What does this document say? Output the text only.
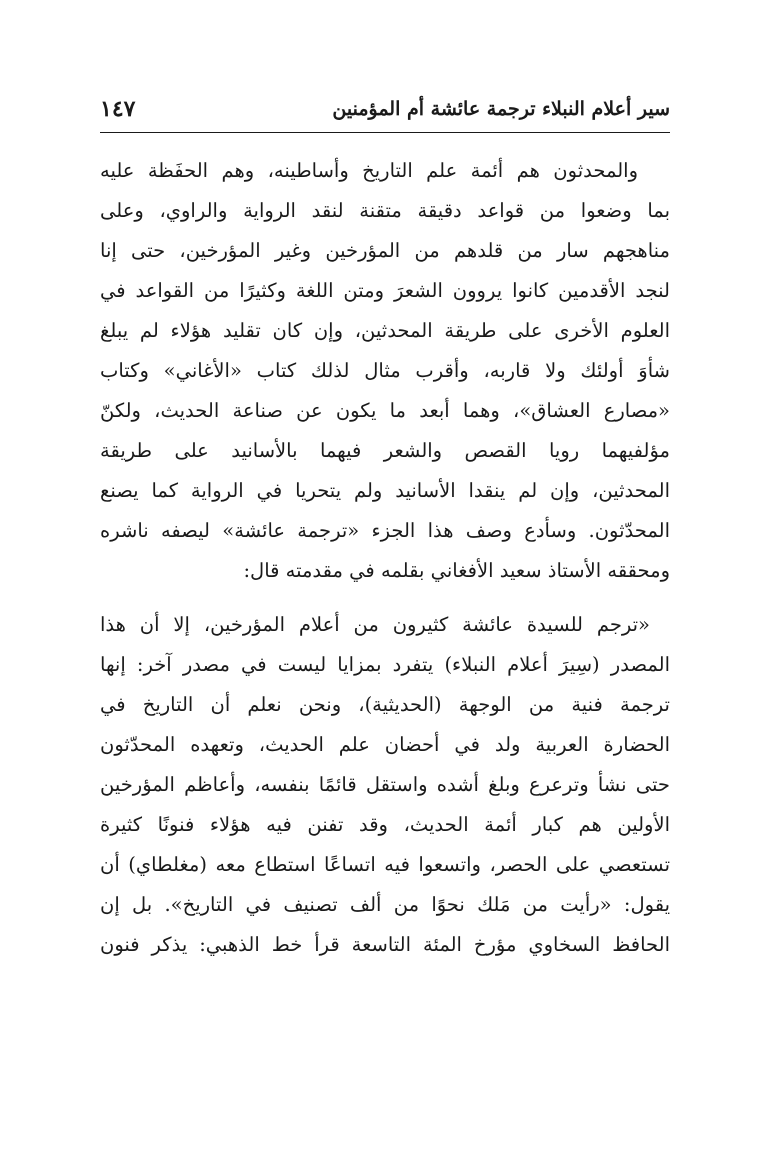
سير أعلام النبلاء ترجمة عائشة أم المؤمنين
١٤٧
والمحدثون هم أئمة علم التاريخ وأساطينه، وهم الحفَظة عليه
بما وضعوا من قواعد دقيقة متقنة لنقد الرواية والراوي، وعلى
مناهجهم سار من قلدهم من المؤرخين وغير المؤرخين، حتى إنا
لنجد الأقدمين كانوا يروون الشعرَ ومتن اللغة وكثيرًا من القواعد في
العلوم الأخرى على طريقة المحدثين، وإن كان تقليد هؤلاء لم يبلغ
شأوَ أولئك ولا قاربه، وأقرب مثال لذلك كتاب «الأغاني» وكتاب
«مصارع العشاق»، وهما أبعد ما يكون عن صناعة الحديث، ولكنّ
مؤلفيهما رويا القصص والشعر فيهما بالأسانيد على طريقة
المحدثين، وإن لم ينقدا الأسانيد ولم يتحريا في الرواية كما يصنع
المحدّثون. وسأدع وصف هذا الجزء «ترجمة عائشة» ليصفه ناشره
ومحققه الأستاذ سعيد الأفغاني بقلمه في مقدمته قال:
«ترجم للسيدة عائشة كثيرون من أعلام المؤرخين، إلا أن هذا
المصدر (سِيرَ أعلام النبلاء) يتفرد بمزايا ليست في مصدر آخر: إنها
ترجمة فنية من الوجهة (الحديثية)، ونحن نعلم أن التاريخ في
الحضارة العربية ولد في أحضان علم الحديث، وتعهده المحدّثون
حتى نشأ وترعرع وبلغ أشده واستقل قائمًا بنفسه، وأعاظم المؤرخين
الأولين هم كبار أئمة الحديث، وقد تفنن فيه هؤلاء فنونًا كثيرة
تستعصي على الحصر، واتسعوا فيه اتساعًا استطاع معه (مغلطاي) أن
يقول: «رأيت من مَلك نحوًا من ألف تصنيف في التاريخ». بل إن
الحافظ السخاوي مؤرخ المئة التاسعة قرأ خط الذهبي: يذكر فنون
